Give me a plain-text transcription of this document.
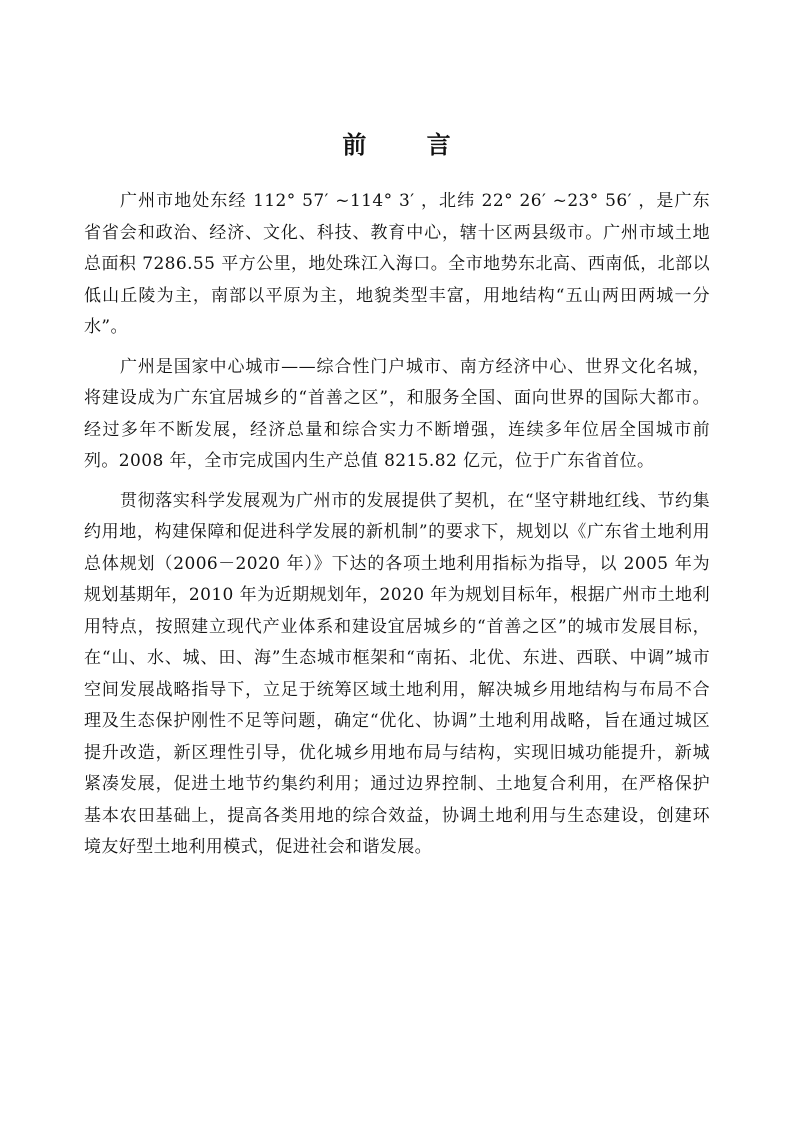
前 言

广州市地处东经 112° 57′ ~114° 3′ ，北纬 22° 26′ ~23° 56′ ，是广东省省会和政治、经济、文化、科技、教育中心，辖十区两县级市。广州市域土地总面积 7286.55 平方公里，地处珠江入海口。全市地势东北高、西南低，北部以低山丘陵为主，南部以平原为主，地貌类型丰富，用地结构“五山两田两城一分水”。

广州是国家中心城市——综合性门户城市、南方经济中心、世界文化名城，将建设成为广东宜居城乡的“首善之区”，和服务全国、面向世界的国际大都市。经过多年不断发展，经济总量和综合实力不断增强，连续多年位居全国城市前列。2008 年，全市完成国内生产总值 8215.82 亿元，位于广东省首位。

贯彻落实科学发展观为广州市的发展提供了契机，在“坚守耕地红线、节约集约用地，构建保障和促进科学发展的新机制”的要求下，规划以《广东省土地利用总体规划（2006－2020 年）》下达的各项土地利用指标为指导，以 2005 年为规划基期年，2010 年为近期规划年，2020 年为规划目标年，根据广州市土地利用特点，按照建立现代产业体系和建设宜居城乡的“首善之区”的城市发展目标，在“山、水、城、田、海”生态城市框架和“南拓、北优、东进、西联、中调”城市空间发展战略指导下，立足于统筹区域土地利用，解决城乡用地结构与布局不合理及生态保护刚性不足等问题，确定“优化、协调”土地利用战略，旨在通过城区提升改造，新区理性引导，优化城乡用地布局与结构，实现旧城功能提升，新城紧凑发展，促进土地节约集约利用；通过边界控制、土地复合利用，在严格保护基本农田基础上，提高各类用地的综合效益，协调土地利用与生态建设，创建环境友好型土地利用模式，促进社会和谐发展。
